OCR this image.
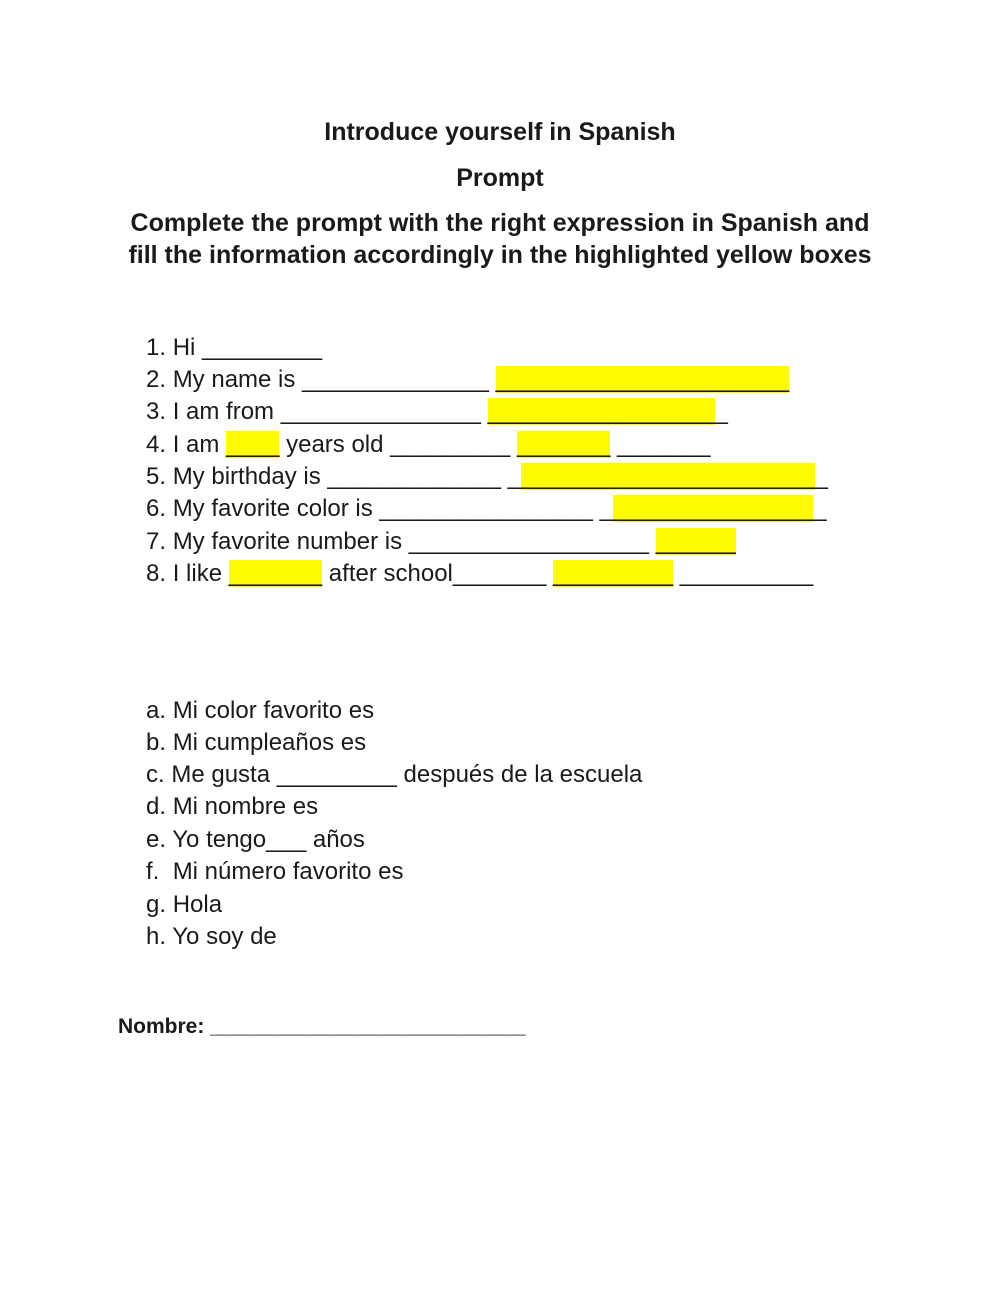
Introduce yourself in Spanish
Prompt
Complete the prompt with the right expression in Spanish and
fill the information accordingly in the highlighted yellow boxes
1. Hi _________
2. My name is ______________ ______________________
3. I am from _______________ __________________
4. I am ____ years old _________ _______ _______
5. My birthday is _____________ ________________________
6. My favorite color is ________________ _________________
7. My favorite number is __________________ ______
8. I like _______ after school_______ _________ __________
a. Mi color favorito es
b. Mi cumpleaños es
c. Me gusta _________ después de la escuela
d. Mi nombre es
e. Yo tengo___ años
f. Mi número favorito es
g. Hola
h. Yo soy de
Nombre: ___________________________
